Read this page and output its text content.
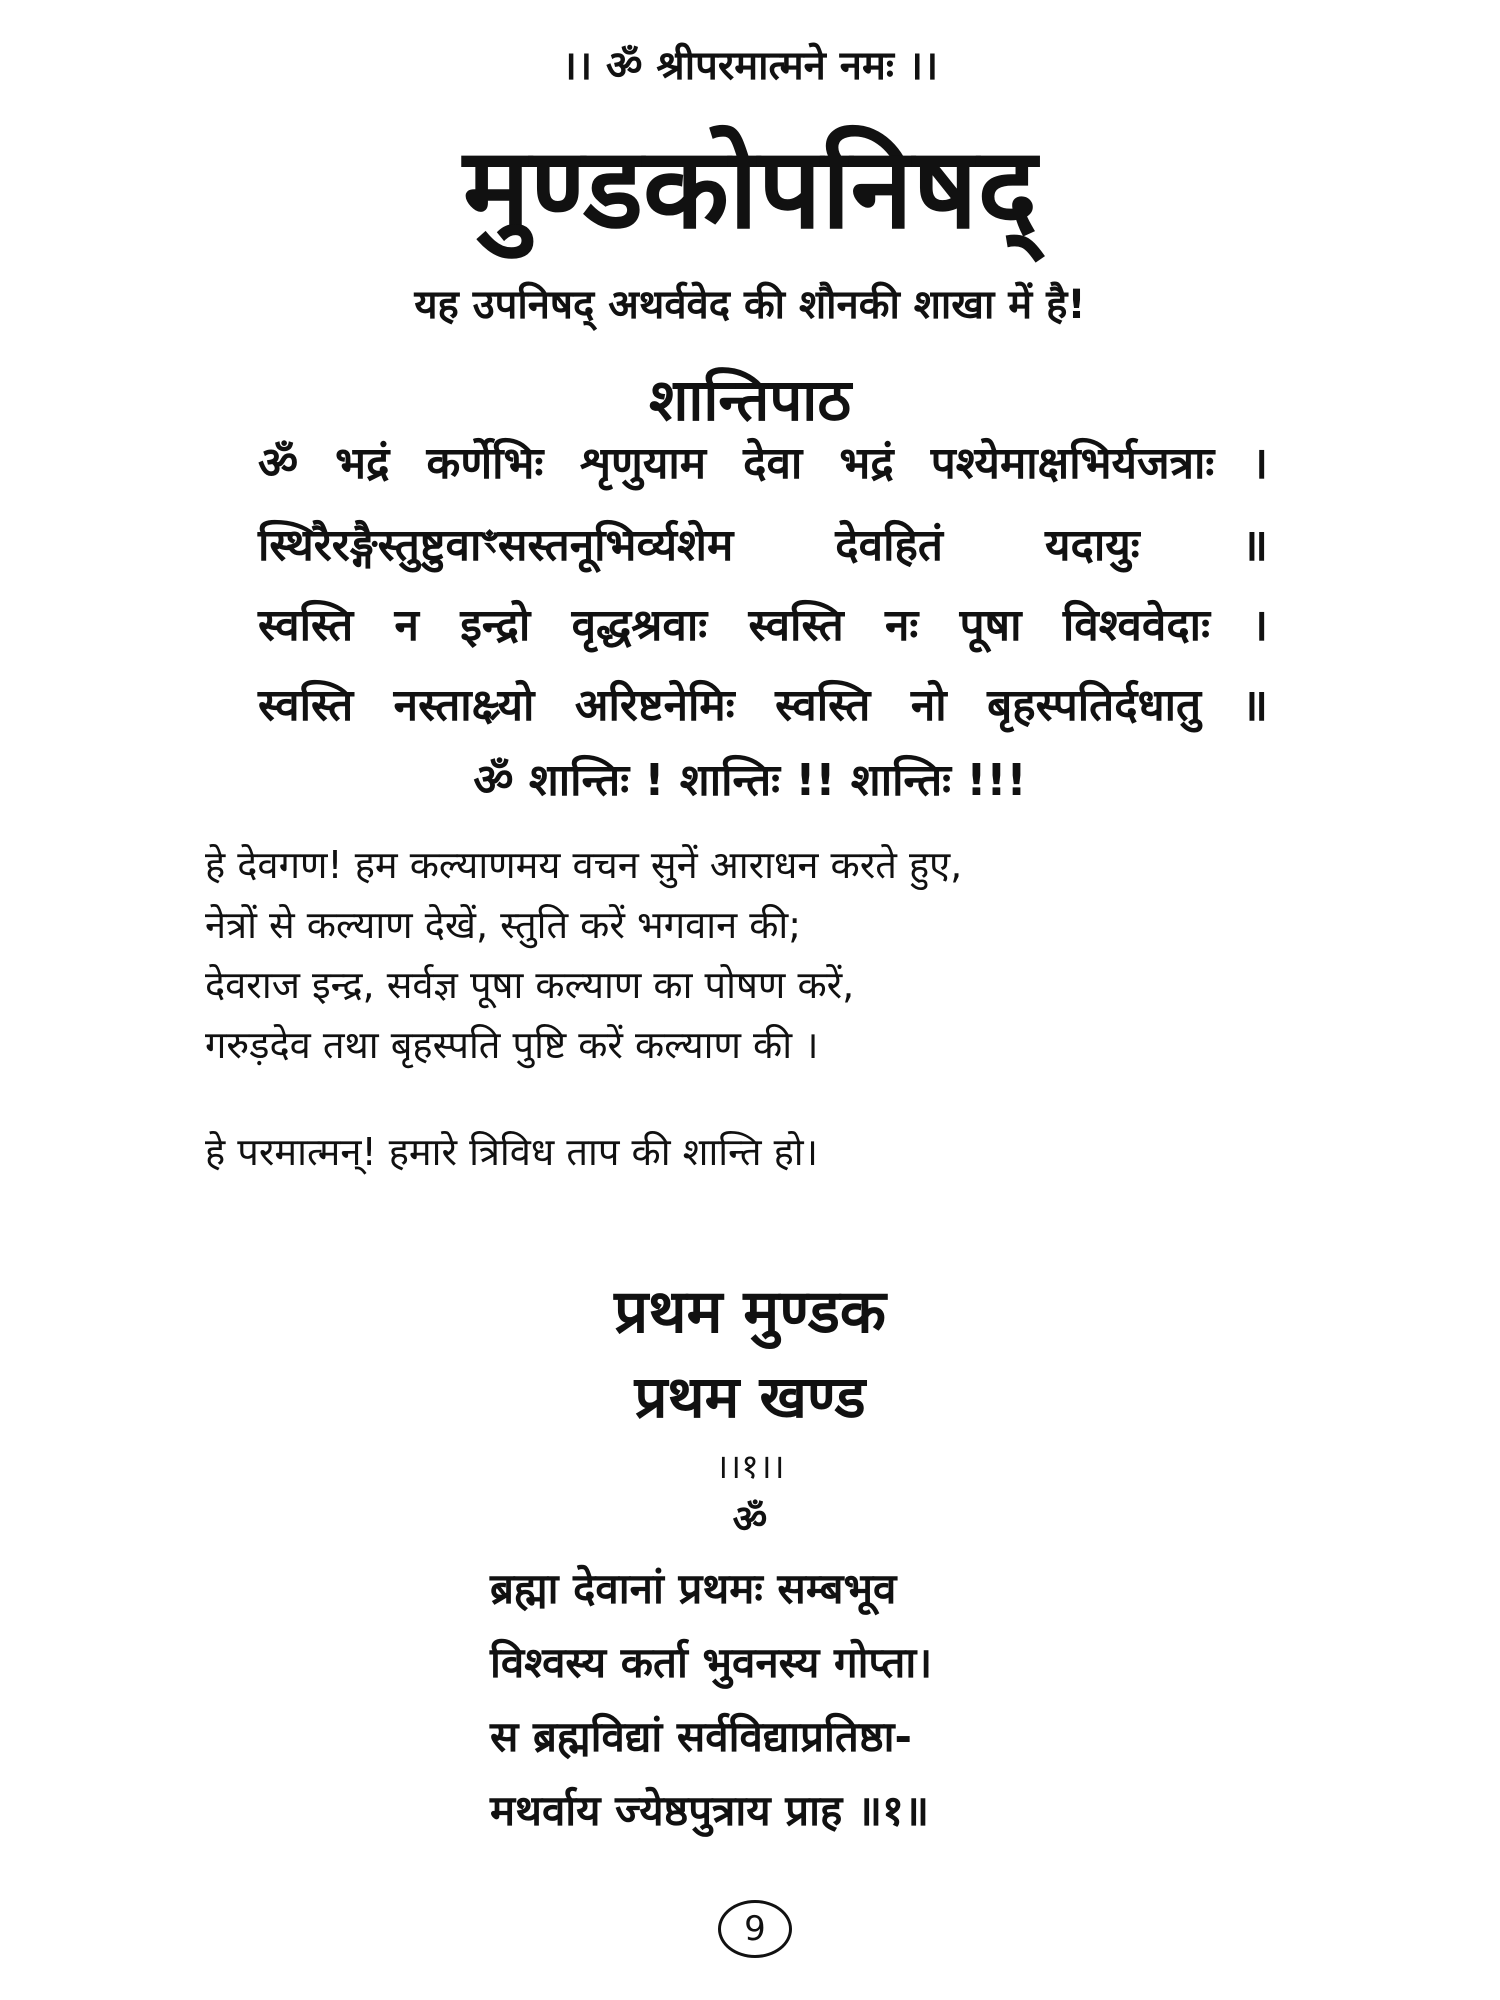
।। ॐ श्रीपरमात्मने नमः ।।
मुण्डकोपनिषद्
यह उपनिषद् अथर्ववेद की शौनकी शाखा में है!
शान्तिपाठ
ॐ भद्रं कर्णेभिः शृणुयाम देवा भद्रं पश्येमाक्षभिर्यजत्राः ।
स्थिरैरङ्गैस्तुष्टुवाꣳसस्तनूभिर्व्यशेम देवहितं यदायुः ॥
स्वस्ति न इन्द्रो वृद्धश्रवाः स्वस्ति नः पूषा विश्ववेदाः ।
स्वस्ति नस्ताक्ष्र्यो अरिष्टनेमिः स्वस्ति नो बृहस्पतिर्दधातु ॥
ॐ शान्तिः ! शान्तिः !! शान्तिः !!!
हे देवगण! हम कल्याणमय वचन सुनें आराधन करते हुए,
नेत्रों से कल्याण देखें, स्तुति करें भगवान की;
देवराज इन्द्र, सर्वज्ञ पूषा कल्याण का पोषण करें,
गरुड़देव तथा बृहस्पति पुष्टि करें कल्याण की ।
हे परमात्मन्! हमारे त्रिविध ताप की शान्ति हो।
प्रथम मुण्डक
प्रथम खण्ड
।।१।।
ॐ
ब्रह्मा देवानां प्रथमः सम्बभूव
विश्वस्य कर्ता भुवनस्य गोप्ता।
स ब्रह्मविद्यां सर्वविद्याप्रतिष्ठा-
मथर्वाय ज्येष्ठपुत्राय प्राह ॥१॥
9
